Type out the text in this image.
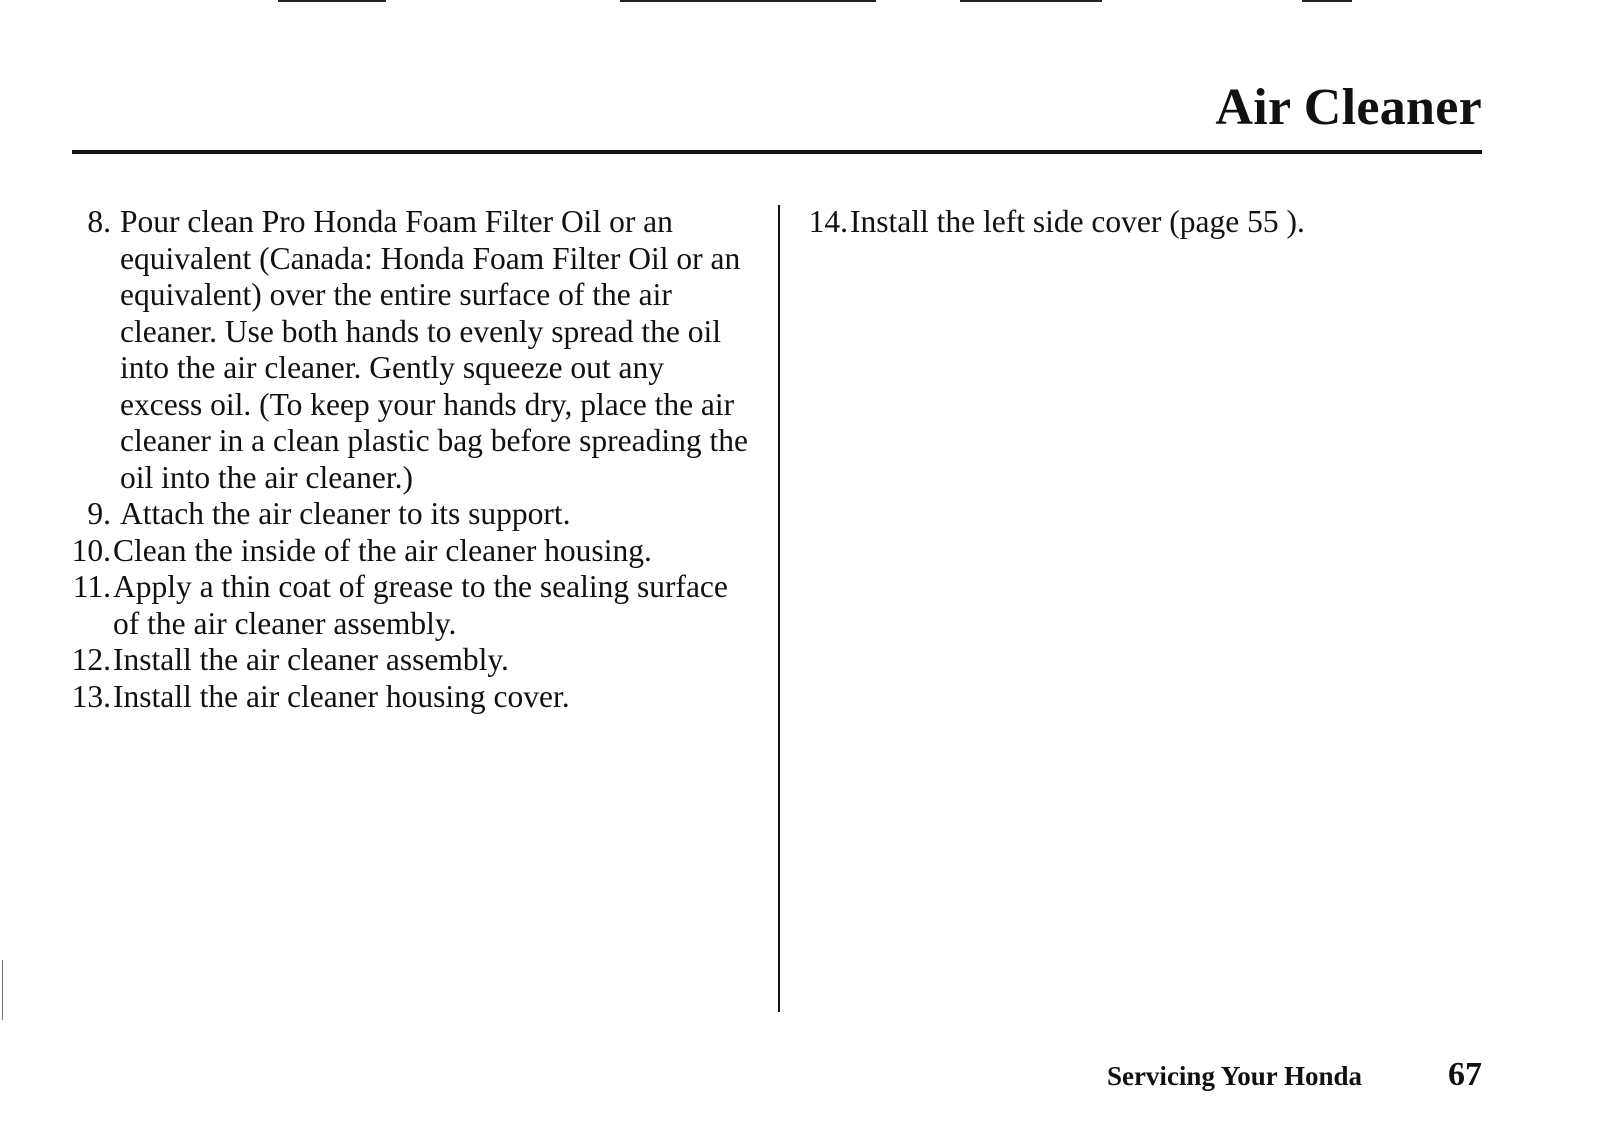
Air Cleaner
8. Pour clean Pro Honda Foam Filter Oil or an equivalent (Canada: Honda Foam Filter Oil or an equivalent) over the entire surface of the air cleaner. Use both hands to evenly spread the oil into the air cleaner. Gently squeeze out any excess oil. (To keep your hands dry, place the air cleaner in a clean plastic bag before spreading the oil into the air cleaner.)
9. Attach the air cleaner to its support.
10. Clean the inside of the air cleaner housing.
11. Apply a thin coat of grease to the sealing surface of the air cleaner assembly.
12. Install the air cleaner assembly.
13. Install the air cleaner housing cover.
14. Install the left side cover (page 55 ).
Servicing Your Honda	67
